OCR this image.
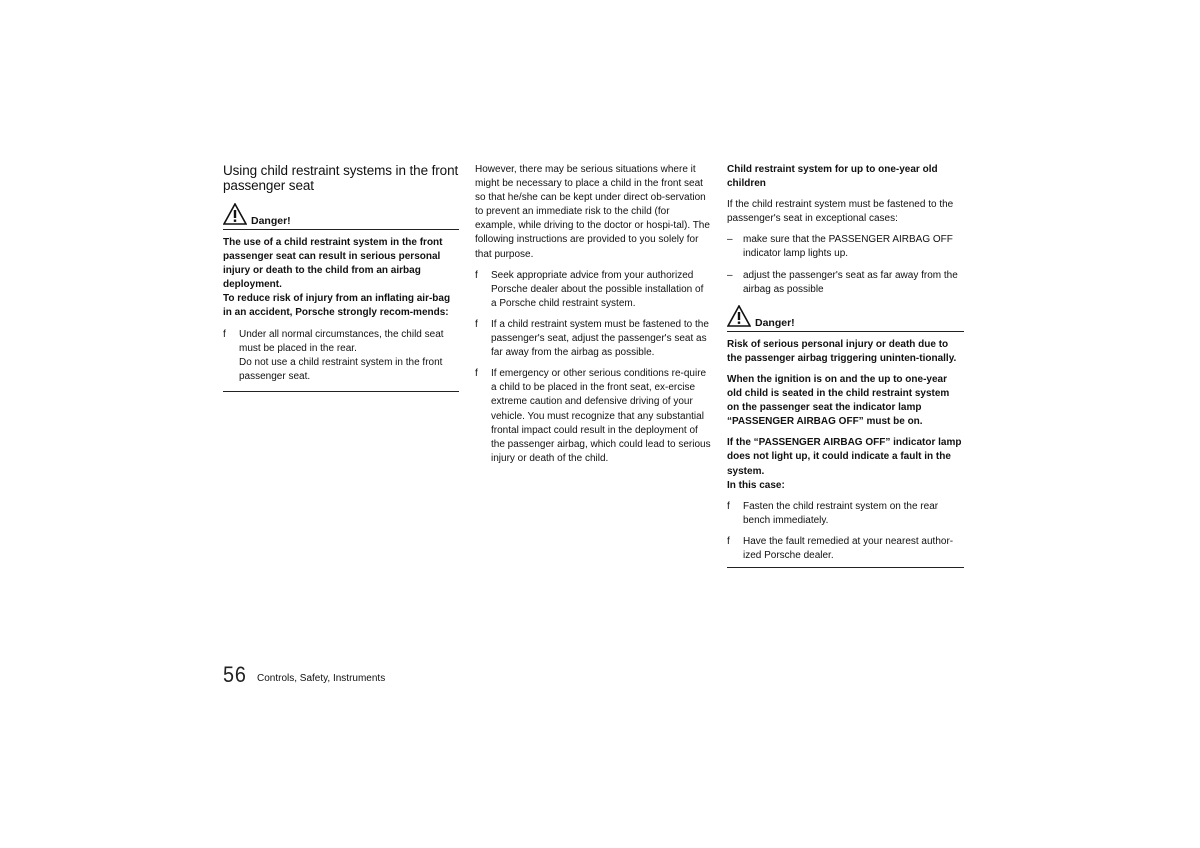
Using child restraint systems in the front passenger seat
Danger!

The use of a child restraint system in the front passenger seat can result in serious personal injury or death to the child from an airbag deployment.

To reduce risk of injury from an inflating air-bag in an accident, Porsche strongly recom-mends:

f Under all normal circumstances, the child seat must be placed in the rear.
Do not use a child restraint system in the front passenger seat.

However, there may be serious situations where it might be necessary to place a child in the front seat so that he/she can be kept under direct ob-servation to prevent an immediate risk to the child (for example, while driving to the doctor or hospi-tal). The following instructions are provided to you solely for that purpose.

f Seek appropriate advice from your authorized Porsche dealer about the possible installation of a Porsche child restraint system.
f If a child restraint system must be fastened to the passenger's seat, adjust the passenger's seat as far away from the airbag as possible.
f If emergency or other serious conditions re-quire a child to be placed in the front seat, ex-ercise extreme caution and defensive driving of your vehicle. You must recognize that any substantial frontal impact could result in the deployment of the passenger airbag, which could lead to serious injury or death of the child.

Child restraint system for up to one-year old children

If the child restraint system must be fastened to the passenger's seat in exceptional cases:

– make sure that the PASSENGER AIRBAG OFF indicator lamp lights up.
– adjust the passenger's seat as far away from the airbag as possible
Danger!

Risk of serious personal injury or death due to the passenger airbag triggering uninten-tionally.

When the ignition is on and the up to one-year old child is seated in the child restraint system on the passenger seat the indicator lamp “PASSENGER AIRBAG OFF” must be on.

If the “PASSENGER AIRBAG OFF” indicator lamp does not light up, it could indicate a fault in the system.

In this case:

f Fasten the child restraint system on the rear bench immediately.
f Have the fault remedied at your nearest author-ized Porsche dealer.
56 Controls, Safety, Instruments
